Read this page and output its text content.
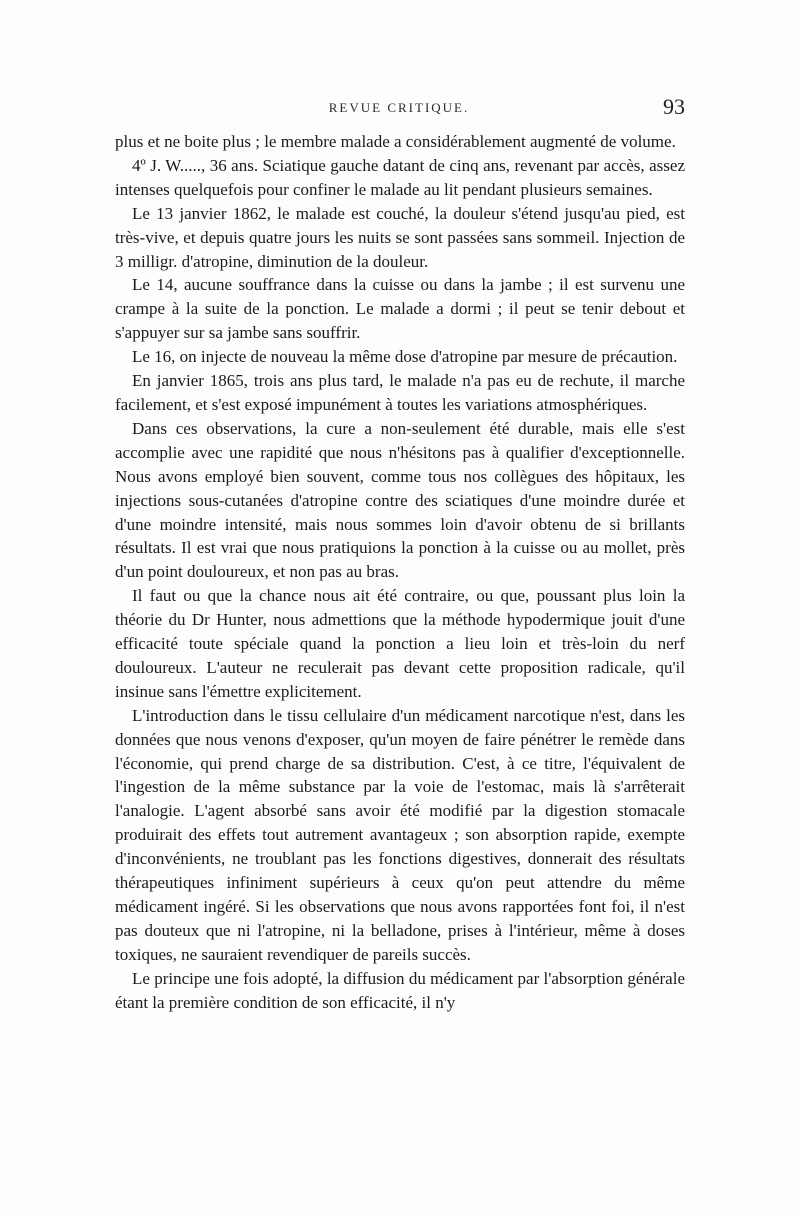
REVUE CRITIQUE.	93

plus et ne boite plus ; le membre malade a considérablement augmenté de volume.

4º J. W....., 36 ans. Sciatique gauche datant de cinq ans, revenant par accès, assez intenses quelquefois pour confiner le malade au lit pendant plusieurs semaines.

Le 13 janvier 1862, le malade est couché, la douleur s'étend jusqu'au pied, est très-vive, et depuis quatre jours les nuits se sont passées sans sommeil. Injection de 3 milligr. d'atropine, diminution de la douleur.

Le 14, aucune souffrance dans la cuisse ou dans la jambe ; il est survenu une crampe à la suite de la ponction. Le malade a dormi ; il peut se tenir debout et s'appuyer sur sa jambe sans souffrir.

Le 16, on injecte de nouveau la même dose d'atropine par mesure de précaution.

En janvier 1865, trois ans plus tard, le malade n'a pas eu de rechute, il marche facilement, et s'est exposé impunément à toutes les variations atmosphériques.

Dans ces observations, la cure a non-seulement été durable, mais elle s'est accomplie avec une rapidité que nous n'hésitons pas à qualifier d'exceptionnelle. Nous avons employé bien souvent, comme tous nos collègues des hôpitaux, les injections sous-cutanées d'atropine contre des sciatiques d'une moindre durée et d'une moindre intensité, mais nous sommes loin d'avoir obtenu de si brillants résultats. Il est vrai que nous pratiquions la ponction à la cuisse ou au mollet, près d'un point douloureux, et non pas au bras.

Il faut ou que la chance nous ait été contraire, ou que, poussant plus loin la théorie du Dr Hunter, nous admettions que la méthode hypodermique jouit d'une efficacité toute spéciale quand la ponction a lieu loin et très-loin du nerf douloureux. L'auteur ne reculerait pas devant cette proposition radicale, qu'il insinue sans l'émettre explicitement.

L'introduction dans le tissu cellulaire d'un médicament narcotique n'est, dans les données que nous venons d'exposer, qu'un moyen de faire pénétrer le remède dans l'économie, qui prend charge de sa distribution. C'est, à ce titre, l'équivalent de l'ingestion de la même substance par la voie de l'estomac, mais là s'arrêterait l'analogie. L'agent absorbé sans avoir été modifié par la digestion stomacale produirait des effets tout autrement avantageux ; son absorption rapide, exempte d'inconvénients, ne troublant pas les fonctions digestives, donnerait des résultats thérapeutiques infiniment supérieurs à ceux qu'on peut attendre du même médicament ingéré. Si les observations que nous avons rapportées font foi, il n'est pas douteux que ni l'atropine, ni la belladone, prises à l'intérieur, même à doses toxiques, ne sauraient revendiquer de pareils succès.

Le principe une fois adopté, la diffusion du médicament par l'absorption générale étant la première condition de son efficacité, il n'y
